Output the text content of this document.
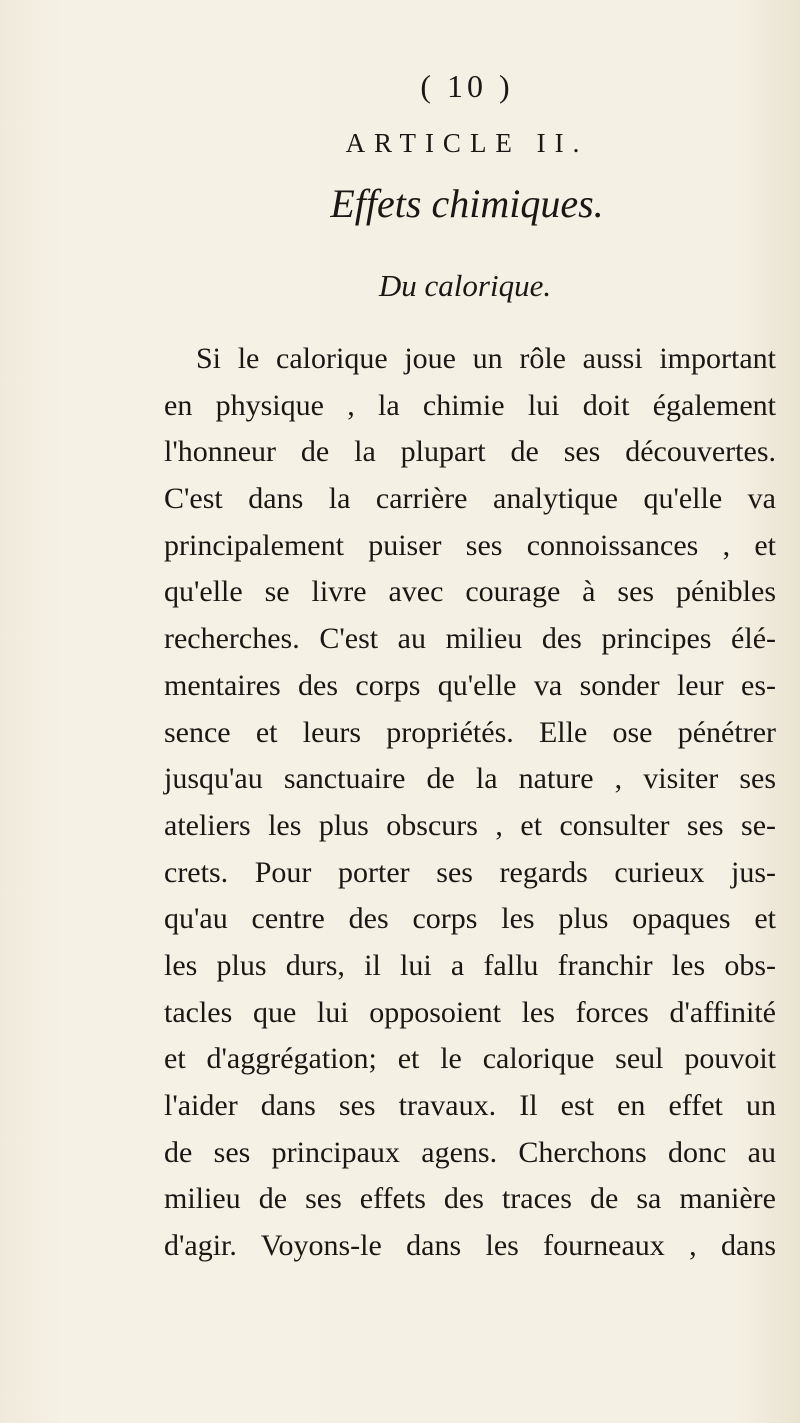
( 10 )
ARTICLE II.
Effets chimiques.
Du calorique.
Si le calorique joue un rôle aussi important
en physique , la chimie lui doit également
l'honneur de la plupart de ses découvertes.
C'est dans la carrière analytique qu'elle va
principalement puiser ses connoissances , et
qu'elle se livre avec courage à ses pénibles
recherches. C'est au milieu des principes élé-
mentaires des corps qu'elle va sonder leur es-
sence et leurs propriétés. Elle ose pénétrer
jusqu'au sanctuaire de la nature , visiter ses
ateliers les plus obscurs , et consulter ses se-
crets. Pour porter ses regards curieux jus-
qu'au centre des corps les plus opaques et
les plus durs, il lui a fallu franchir les obs-
tacles que lui opposoient les forces d'affinité
et d'aggrégation; et le calorique seul pouvoit
l'aider dans ses travaux. Il est en effet un
de ses principaux agens. Cherchons donc au
milieu de ses effets des traces de sa manière
d'agir. Voyons-le dans les fourneaux , dans
